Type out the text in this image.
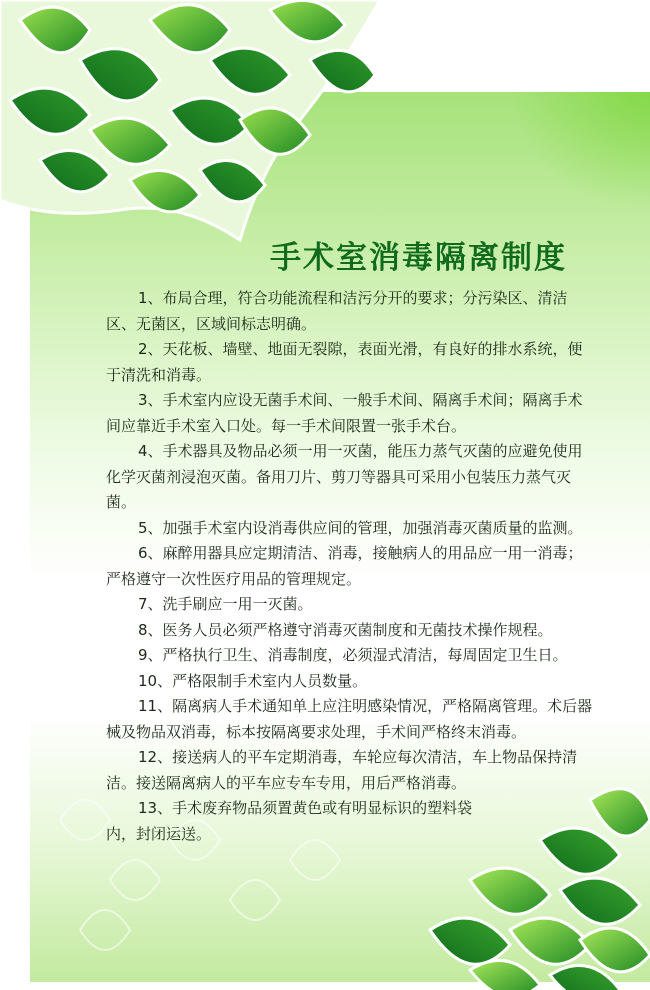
手术室消毒隔离制度

1、布局合理，符合功能流程和洁污分开的要求；分污染区、清洁区、无菌区，区域间标志明确。

2、天花板、墙壁、地面无裂隙，表面光滑，有良好的排水系统，便于清洗和消毒。

3、手术室内应设无菌手术间、一般手术间、隔离手术间；隔离手术间应靠近手术室入口处。每一手术间限置一张手术台。

4、手术器具及物品必须一用一灭菌，能压力蒸气灭菌的应避免使用化学灭菌剂浸泡灭菌。备用刀片、剪刀等器具可采用小包装压力蒸气灭菌。

5、加强手术室内设消毒供应间的管理，加强消毒灭菌质量的监测。

6、麻醉用器具应定期清洁、消毒，接触病人的用品应一用一消毒；严格遵守一次性医疗用品的管理规定。

7、洗手刷应一用一灭菌。

8、医务人员必须严格遵守消毒灭菌制度和无菌技术操作规程。

9、严格执行卫生、消毒制度，必须湿式清洁，每周固定卫生日。

10、严格限制手术室内人员数量。

11、隔离病人手术通知单上应注明感染情况，严格隔离管理。术后器械及物品双消毒，标本按隔离要求处理，手术间严格终末消毒。

12、接送病人的平车定期消毒，车轮应每次清洁，车上物品保持清洁。接送隔离病人的平车应专车专用，用后严格消毒。

13、手术废弃物品须置黄色或有明显标识的塑料袋内，封闭运送。
